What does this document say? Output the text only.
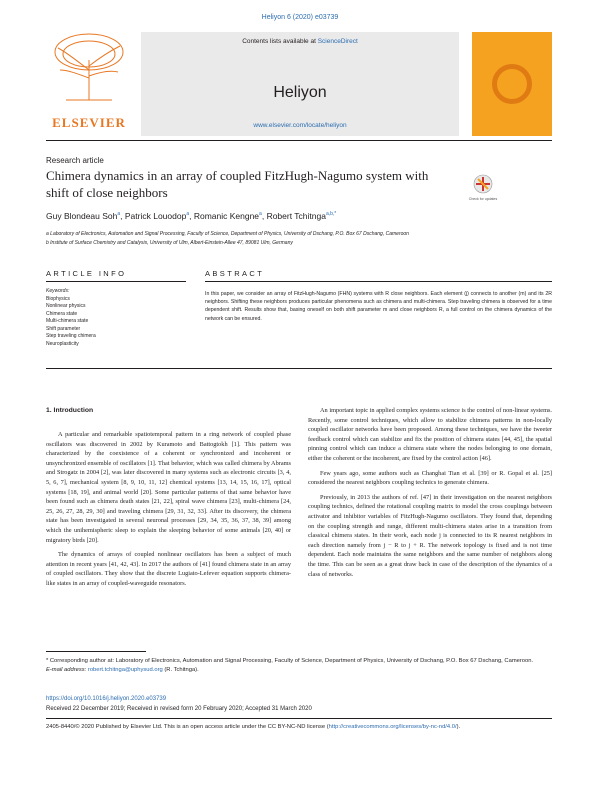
Heliyon 6 (2020) e03739
ELSEVIER
Contents lists available at ScienceDirect
Heliyon
www.elsevier.com/locate/heliyon
Research article
Chimera dynamics in an array of coupled FitzHugh-Nagumo system with shift of close neighbors	Check for updates
Guy Blondeau Soh$^a$, Patrick Louodop$^a$, Romanic Kengne$^a$, Robert Tchitnga$^{a,b,*}$
a Laboratory of Electronics, Automation and Signal Processing, Faculty of Science, Department of Physics, University of Dschang, P.O. Box 67 Dschang, Cameroon
b Institute of Surface Chemistry and Catalysis, University of Ulm, Albert-Einstein-Allee 47, 89081 Ulm, Germany
ARTICLE INFO
Keywords:
Biophysics
Nonlinear physics
Chimera state
Multi-chimera state
Shift parameter
Step traveling chimera
Neuroplasticity
ABSTRACT
In this paper, we consider an array of FitzHugh-Nagumo (FHN) systems with R close neighbors. Each element (j) connects to another (m) and its 2R neighbors. Shifting these neighbors produces particular phenomena such as chimera and multi-chimera. Step traveling chimera is observed for a time dependent shift. Results show that, basing oneself on both shift parameter m and close neighbors R, a full control on the chimera dynamics of the network can be ensured.
1. Introduction

A particular and remarkable spatiotemporal pattern in a ring network of coupled phase oscillators was discovered in 2002 by Kuramoto and Battogtokh [1]. This pattern was characterized by the coexistence of a coherent or synchronized and incoherent or unsynchronized ensemble of oscillators [1]. That behavior, which was called chimera by Abrams and Strogatz in 2004 [2], was later discovered in many systems such as electronic circuits [3, 4, 5, 6, 7], mechanical system [8, 9, 10, 11, 12] chemical systems [13, 14, 15, 16, 17], optical systems [18, 19], and animal world [20]. Some particular patterns of that same behavior have been found such as chimera death states [21, 22], spiral wave chimera [23], multi-chimera [24, 25, 26, 27, 28, 29, 30] and traveling chimera [29, 31, 32, 33]. After its discovery, the chimera state has been investigated in several neuronal processes [29, 34, 35, 36, 37, 38, 39] among which the unihemispheric sleep to explain the sleeping behavior of some animals [20, 40] or migratory birds [20].

The dynamics of arrays of coupled nonlinear oscillators has been a subject of much attention in recent years [41, 42, 43]. In 2017 the authors of [41] found chimera state in an array of coupled oscillators. They show that the discrete Lugiato-Lefever equation supports chimera-like states in an array of coupled-waveguide resonators.

An important topic in applied complex systems science is the control of non-linear systems. Recently, some control techniques, which allow to stabilize chimera patterns in non-locally coupled oscillator networks have been proposed. Among these techniques, we have the tweeter feedback control which can stabilize and fix the position of chimera states [44, 45], the spatial pinning control which can induce a chimera state where the nodes belonging to one domain, either the coherent or the incoherent, are fixed by the control action [46].

Few years ago, some authors such as Changhai Tian et al. [39] or R. Gopal et al. [25] considered the nearest neighbors coupling technics to generate chimera.

Previously, in 2013 the authors of ref. [47] in their investigation on the nearest neighbors coupling technics, defined the rotational coupling matrix to model the cross couplings between activator and inhibitor variables of FitzHugh-Nagumo oscillators. They found that, depending on the coupling strength and range, different multi-chimera states arise in a transition from classical chimera states. In their work, each node j is connected to its R nearest neighbors in each direction namely from j − R to j + R. The network topology is fixed and is not time dependent. Each node maintains the same neighbors and the same number of neighbors along the time. This can be seen as a great draw back in case of the description of the dynamics of a class of networks.

* Corresponding author at: Laboratory of Electronics, Automation and Signal Processing, Faculty of Science, Department of Physics, University of Dschang, P.O. Box 67 Dschang, Cameroon.
E-mail address: robert.tchitnga@uphysud.org (R. Tchitnga).
https://doi.org/10.1016/j.heliyon.2020.e03739
Received 22 December 2019; Received in revised form 20 February 2020; Accepted 31 March 2020
2405-8440/© 2020 Published by Elsevier Ltd. This is an open access article under the CC BY-NC-ND license (http://creativecommons.org/licenses/by-nc-nd/4.0/).
